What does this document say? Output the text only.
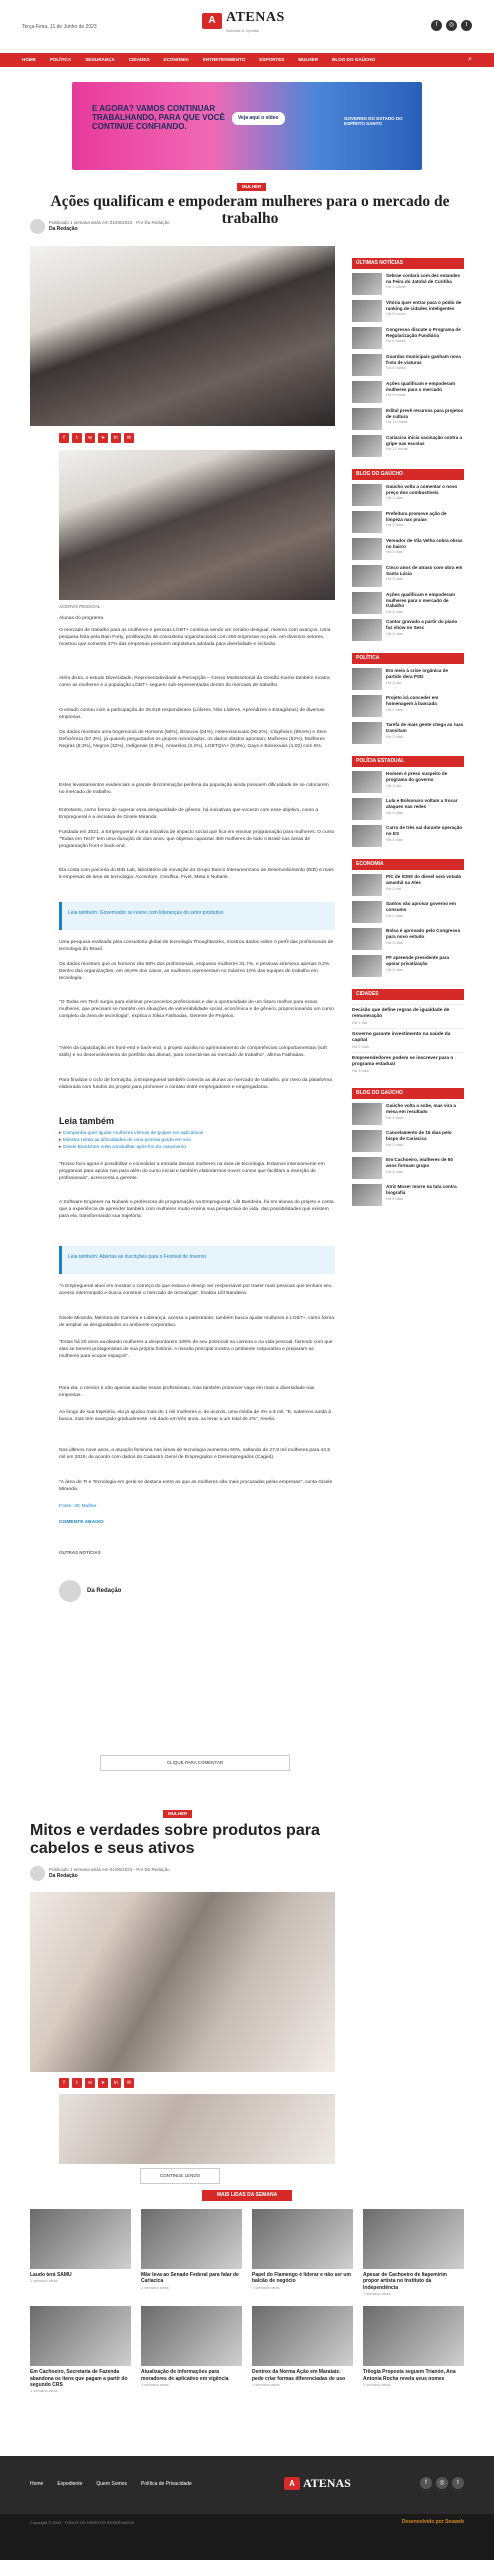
Terça-Feira, 11 de Junho de 2023
A ATENAS
Notícias & Opinião
f	◎	t
HOME	POLÍTICA	SEGURANÇA	CIDADES	ECONOMIA	ENTRETENIMENTO	ESPORTES	MULHER	BLOG DO GAÚCHO	⌕
E AGORA? VAMOS CONTINUAR TRABALHANDO, PARA QUE VOCÊ CONTINUE CONFIANDO.
Veja aqui o vídeo	GOVERNO DO ESTADO DO ESPÍRITO SANTO
MULHER
Ações qualificam e empoderam mulheres para o mercado de trabalho
Publicado 1 semana atrás em 01/06/2023 · Por Da Redação
Da Redação
f	t	w	➤	in	✉
ACERVO PESSOAL

Alunas do programa

O mercado de trabalho para as mulheres e pessoas LGBT+ continua sendo um cenário desigual, mesmo com avanços. Uma pesquisa feita pela Bain Forty, proliferação de consultoria organizacional com 250 empresas no país, em diversos setores, mostrou que somente 37% das empresas possuem arquitetura adotada para diversidade e inclusão.

Além disso, o estudo Diversidade, Representatividade & Percepção – Censo Multissetorial da Gestão Kairós também mostra como as mulheres e a população LGBT+ seguem sub-representadas dentro do mercado de trabalho.

O estudo contou com a participação de 26.619 respondentes (Líderes, Não Líderes, Aprendizes e Estagiários) de diversas empresas.

Os dados mostram uma hegemonia de Homens (56%), Brancos (64%), Heterossexuais (90,2%), Cisgênero (98,6%) e Sem Deficiência (97,3%), já quando perguntados os grupos minorizados, os dados obtidos apontam: Mulheres (52%), Mulheres Negras (8,3%), Negros (32%), Indígenas (0,9%), Amarelos (2,2%), LGBTQIA+ (9,8%), Gays e Bissexuais (1,02) com 6%.

Estes levantamentos evidenciam a grande discriminação periferia da população ainda possuem dificuldade de se colocarem no mercado de trabalho.

Entretanto, como forma de superar essa desigualdade de gênero, há iniciativas que vocesm com esse objetivo, como a Empregueral e a iniciativa de Gisele Miranda.

Fundada em 2021, a Empregueral é uma iniciativa de impacto social que fica em ensinar programação para mulheres. O curso "Todas em Tech" tem uma duração de dois anos, que objetiva capacitar 480 mulheres de todo o Brasil nas áreas de programação front e back-end.

Ela conta com parceria do BID Lab, laboratório de inovação do Grupo Banco Interamericano de Desenvolvimento (BID) e mais 5 empresas de área de tecnologia: Accenture, Credfisa, Fivet, Meta e Nubank.

Leia também: Governador se reúne com lideranças do setor produtivo

Uma pesquisa realizada pela consultoria global de tecnologia Thoughtworks, mostrou dados sobre o perfil das profissionais de tecnologia do Brasil.

Os dados mostram que os homens são 68% dos profissionais, enquanto mulheres 31,7%, e pessoas intersexo apenas 0,2%. Dentro das organizações, em 46,9% dos casos, as mulheres representam no máximo 10% das equipes de trabalho em tecnologia.

"O Todas em Tech surgiu para eliminar preconceitos profissionais e dar a oportunidade de um futuro melhor para essas mulheres, que precisam se mantêm em situações de vulnerabilidade social, econômica e de gênero, proporcionando um curso completo da área de tecnologia", explica a Silvia Fatihadas, Gerente de Projetos.

"Além da capacitação em front-end e back-end, o projeto auxilia no aprimoramento de competências comportamentais (soft skills) e no desenvolvimento do portfólio das alunas, para conectá-las ao mercado de trabalho", afirma Fatihadas.

Para finalizar o ciclo de formação, a Empregueral também conecta as alunas ao mercado de trabalho, por meio da plataforma elaborada com fundos do projeto para promover o contato entre empregadores e empregadoras.

Leia também
▸ Campanha quer ajudar mulheres vítimas de golpes em aplicativos
▸ Ministra relata as dificuldades de uma pessoa gorda em voo
▸ Gisele Bündchen volta a trabalhar após fim do casamento

"Nosso foco agora é possibilitar e consolidar a entrada dessas mulheres na área de tecnologia. Estamos intensamente em programas para apoiar nas para além do curso inicial e também elaborarmos novos cursos que facilitam a inserção de profissionais", acrescenta a gerente.

A Software Engineer na Nubank e professora de programação na Empregueral, Lilit Bandeira, foi em alunas do projeto e conta que a experiência de aprender também com mulheres muito ensina sua perspectiva de vida, das possibilidades que existem para ela, transformando sua trajetória.

Leia também: Abertas as inscrições para o Festival de Inverno

"A Empregueral atuei em mostrar o começo do que estava e desejo ser responsável por trazer mais pessoas que tenham seu acesso interrompido e busca construir o mercado de tecnologia", finaliza Lilit Bandeira.

Gisele Miranda, Mentora de Carreira e Liderança, acessa a palestrante, também busca ajudar mulheres e LGBT+, como forma de ampliar as desigualdades no ambiente corporativo.

"Estas há 20 anos auxiliando mulheres a despontarem 100% de seu potencial na carreira e na vida pessoal, fazendo com que elas se tornem protagonistas de sua própria história. A missão principal mostra o ambiente corporativo e preparam as mulheres para ocupar espaços".

Para ela, o mentor é não apenas auxiliar essas profissionais, mas também promover vaga em mais a diversidade nas empresas.

Ao longo de sua trajetória, ela já ajudou mais de 1 mil mulheres e, de acordo, uma média de 4% a 5 mil. "E, sabemos ainda à busca, mas tem avançado gradualmente. Há dado em três anos, as levar a um total de 2%", revela.

Nos últimos nove anos, a atuação feminina nas áreas de tecnologia aumentou 60%, saltando de 27,9 mil mulheres para 44,5 mil em 2019, de acordo com dados do Cadastro Geral de Empregados e Desempregados (Caged).

"A área de TI e Tecnologia em geral se destaca entre as que as mulheres são mais procuradas pelas empresas", conta Gisele Miranda.

Fonte: JC Mulher

COMENTE ABAIXO
OUTRAS NOTÍCIAS
Da Redação
CLIQUE PARA COMENTAR
MULHER
Mitos e verdades sobre produtos para cabelos e seus ativos
Publicado 1 semana atrás em 01/06/2023 · Por Da Redação
Da Redação
f	t	w	➤	in	✉
CONTINUE LENDO
ÚLTIMAS NOTÍCIAS
Sebrae contará com dez estandes na Feira do Jatobá de Curitiba
Há 3 horas
Vitória quer entrar para o pódio de ranking de cidades inteligentes
Há 5 horas
Congresso discute o Programa de Regularização Fundiária
Há 6 horas
Guardas municipais ganham nova frota de viaturas
Há 8 horas
Ações qualificam e empoderam mulheres para o mercado
Há 9 horas
Edital prevê recursos para projetos de cultura
Há 11 horas
Cariacica inicia vacinação contra a gripe nas escolas
Há 12 horas
BLOG DO GAÚCHO
Gaúcho volta a comentar o novo preço dos combustíveis
Há 2 dias
Prefeitura promove ação de limpeza nas praias
Há 2 dias
Vereador de Vila Velha cobra obras no bairro
Há 3 dias
Cinco anos de atraso com obra em Santa Lúcia
Há 3 dias
Ações qualificam e empoderam mulheres para o mercado de trabalho
Há 4 dias
Cantor gravado a partir do piano faz show no Sesc
Há 4 dias
POLÍTICA
Em meio à crise orgânica de partido dera PSD
Há 1 dia
Projeto irá conceder em homenagem à bancada
Há 2 dias
Tarefa de mais gente chega as ruas transitam
Há 3 dias
POLÍCIA ESTADUAL
Homem é preso suspeito de programa do governo
Há 1 dia
Lula e Bolsonaro voltam a trocar ataques nas redes
Há 2 dias
Carro de três sai durante operação no ES
Há 3 dias
ECONOMIA
PIC de ICMS do diesel será votado amanhã na Ales
Há 1 dia
Santos vão aprovar governo em consumo
Há 2 dias
Bolsa é aprovado pelo Congresso para novo estudo
Há 3 dias
PF apreende presidente para apoiar privatização
Há 4 dias
CIDADES
Decisão que define regras de igualdade de remuneração
Há 1 dia
Governo garante investimento na saúde da capital
Há 2 dias
Empreendedores podem se inscrever para o programa estadual
Há 3 dias
BLOG DO GAÚCHO
Gaúcho volta a sobe, mas vira a mesa em resultado
Há 2 dias
Cancelamento de 15 dias pelo bispo de Cariacica
Há 3 dias
Em Cachoeiro, mulheres de 50 anos formam grupo
Há 4 dias
Atriz Moser morre na luta contra biografia
Há 5 dias
MAIS LIDAS DA SEMANA
Laudo terá SAMU
1 semana atrás
Mãe leva ao Senado Federal para falar de Cariacica
1 semana atrás
Papel do Flamengo é liderar e não ser um balcão de negócio
1 semana atrás
Apesar de Cachoeiro de Itapemirim propor artista no Instituto da Independência
1 semana atrás
Em Cachoeiro, Secretaria de Fazenda abandona os itens que pagam a partir do segundo CRS
1 semana atrás
Atualização de informações para moradores de aplicativo em vigência
1 semana atrás
Dentros da Norma Ação em Maratais: pede criar formas diferenciadas de uso
1 semana atrás
Trilogia Proposta seguem Trianón, Ana Antonia Rocha revela seus nomes
1 semana atrás
Home	Expediente	Quem Somos	Política de Privacidade	A ATENAS	f	◎	t
Copyright © 2023 · TODOS OS DIREITOS RESERVADOS	Desenvolvido por Seuweb
